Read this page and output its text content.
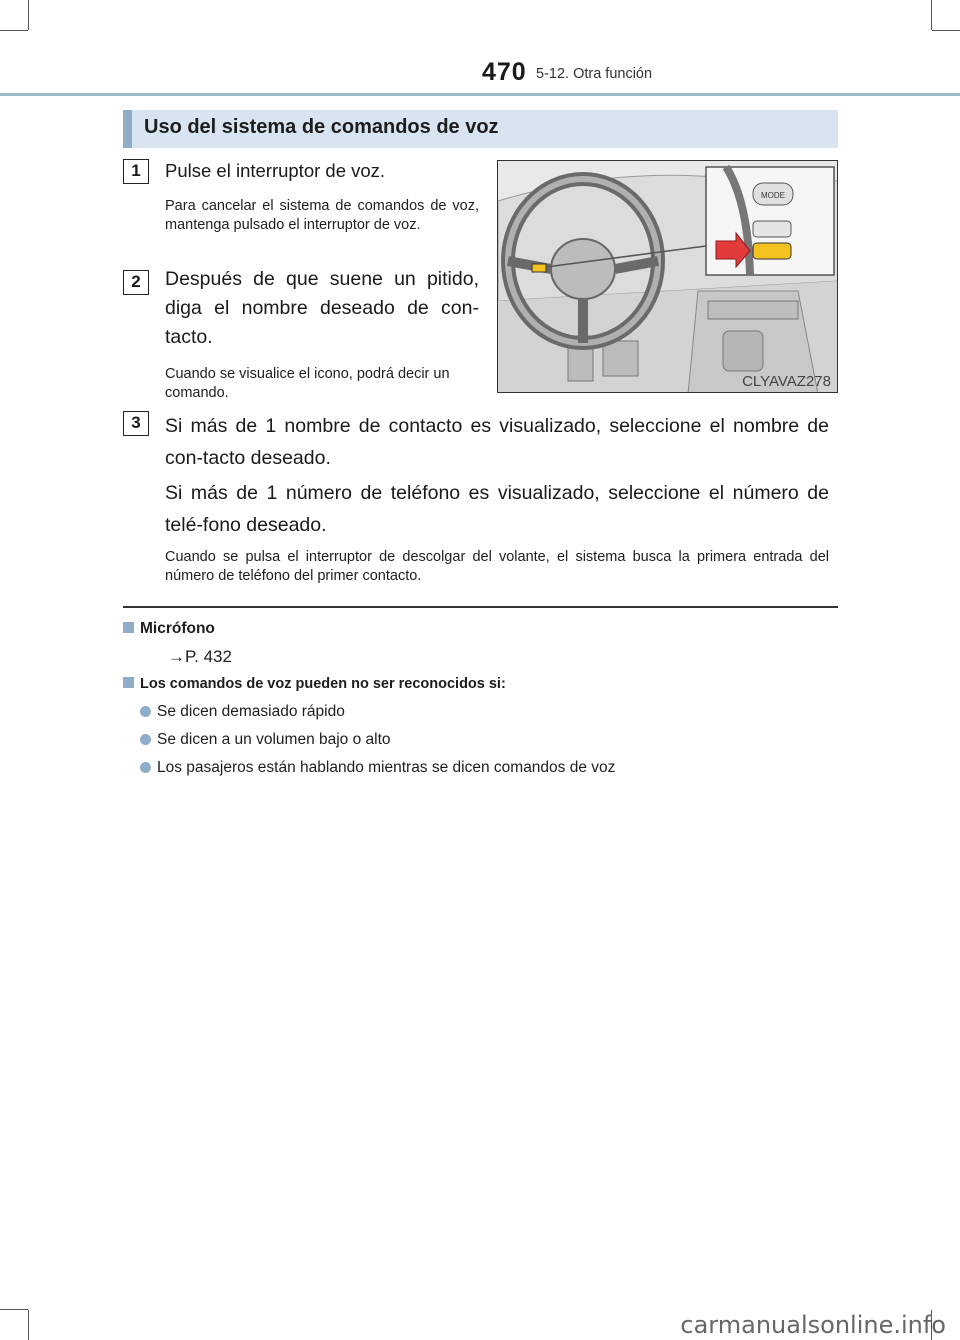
470 5-12. Otra función
Uso del sistema de comandos de voz
1	Pulse el interruptor de voz.
Para cancelar el sistema de comandos de voz, mantenga pulsado el interruptor de voz.
2	Después de que suene un pitido, diga el nombre deseado de con-tacto.
Cuando se visualice el icono, podrá decir un comando.
MODE
CLYAVAZ278
3	Si más de 1 nombre de contacto es visualizado, seleccione el nombre de con-tacto deseado.
Si más de 1 número de teléfono es visualizado, seleccione el número de telé-fono deseado.
Cuando se pulsa el interruptor de descolgar del volante, el sistema busca la primera entrada del número de teléfono del primer contacto.
Micrófono
→P. 432
Los comandos de voz pueden no ser reconocidos si:
Se dicen demasiado rápido
Se dicen a un volumen bajo o alto
Los pasajeros están hablando mientras se dicen comandos de voz
carmanualsonline.info
